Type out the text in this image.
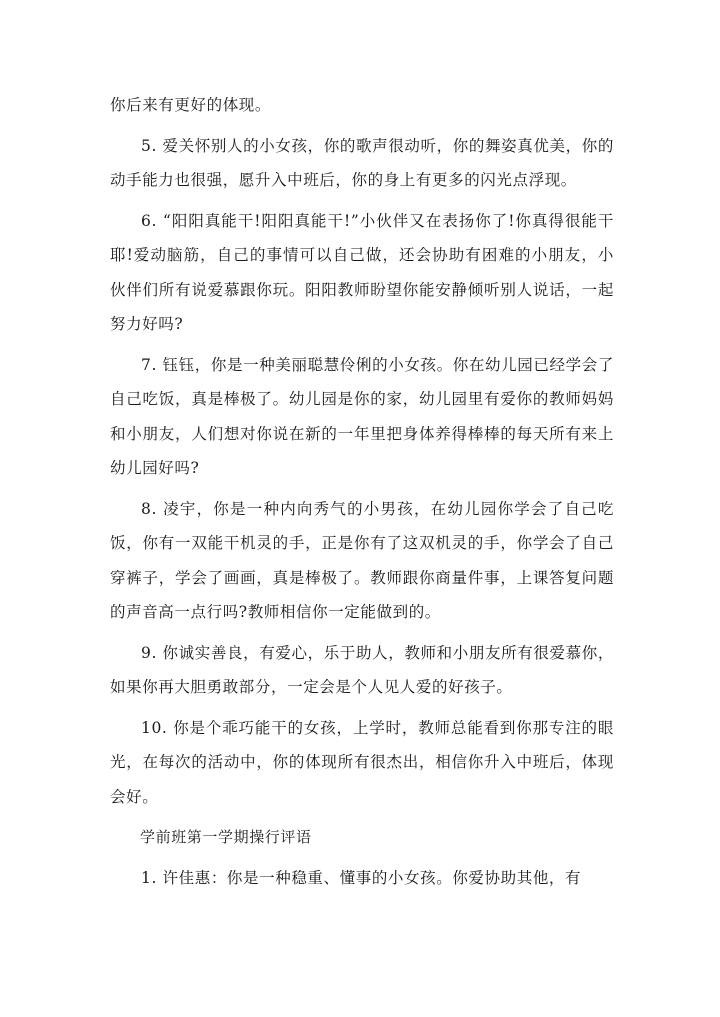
你后来有更好的体现。

5. 爱关怀别人的小女孩，你的歌声很动听，你的舞姿真优美，你的动手能力也很强，愿升入中班后，你的身上有更多的闪光点浮现。

6. “阳阳真能干!阳阳真能干!”小伙伴又在表扬你了!你真得很能干耶!爱动脑筋，自己的事情可以自己做，还会协助有困难的小朋友，小伙伴们所有说爱慕跟你玩。阳阳教师盼望你能安静倾听别人说话，一起努力好吗?

7. 钰钰，你是一种美丽聪慧伶俐的小女孩。你在幼儿园已经学会了自己吃饭，真是棒极了。幼儿园是你的家，幼儿园里有爱你的教师妈妈和小朋友，人们想对你说在新的一年里把身体养得棒棒的每天所有来上幼儿园好吗?

8. 凌宇，你是一种内向秀气的小男孩，在幼儿园你学会了自己吃饭，你有一双能干机灵的手，正是你有了这双机灵的手，你学会了自己穿裤子，学会了画画，真是棒极了。教师跟你商量件事，上课答复问题的声音高一点行吗?教师相信你一定能做到的。

9. 你诚实善良，有爱心，乐于助人，教师和小朋友所有很爱慕你，如果你再大胆勇敢部分，一定会是个人见人爱的好孩子。

10. 你是个乖巧能干的女孩，上学时，教师总能看到你那专注的眼光，在每次的活动中，你的体现所有很杰出，相信你升入中班后，体现会好。

学前班第一学期操行评语

1. 许佳惠：你是一种稳重、懂事的小女孩。你爱协助其他，有
